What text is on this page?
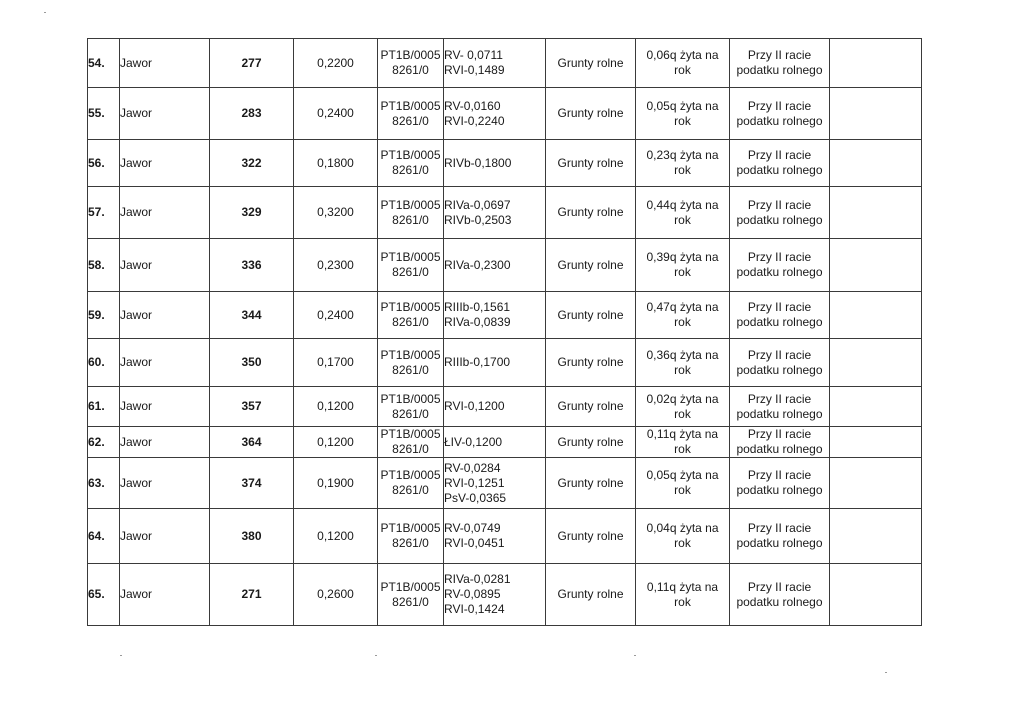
54.	Jawor	277	0,2200	PT1B/0005
8261/0	RV- 0,0711
RVI-0,1489	Grunty rolne	0,06q żyta na
rok	Przy II racie
podatku rolnego	

55.	Jawor	283	0,2400	PT1B/0005
8261/0	RV-0,0160
RVI-0,2240	Grunty rolne	0,05q żyta na
rok	Przy II racie
podatku rolnego	

56.	Jawor	322	0,1800	PT1B/0005
8261/0	RIVb-0,1800	Grunty rolne	0,23q żyta na
rok	Przy II racie
podatku rolnego	

57.	Jawor	329	0,3200	PT1B/0005
8261/0	RIVa-0,0697
RIVb-0,2503	Grunty rolne	0,44q żyta na
rok	Przy II racie
podatku rolnego	

58.	Jawor	336	0,2300	PT1B/0005
8261/0	RIVa-0,2300	Grunty rolne	0,39q żyta na
rok	Przy II racie
podatku rolnego	

59.	Jawor	344	0,2400	PT1B/0005
8261/0	RIIIb-0,1561
RIVa-0,0839	Grunty rolne	0,47q żyta na
rok	Przy II racie
podatku rolnego	

60.	Jawor	350	0,1700	PT1B/0005
8261/0	RIIIb-0,1700	Grunty rolne	0,36q żyta na
rok	Przy II racie
podatku rolnego	

61.	Jawor	357	0,1200	PT1B/0005
8261/0	RVI-0,1200	Grunty rolne	0,02q żyta na
rok	Przy II racie
podatku rolnego	

62.	Jawor	364	0,1200	PT1B/0005
8261/0	ŁIV-0,1200	Grunty rolne	0,11q żyta na
rok	Przy II racie
podatku rolnego	

63.	Jawor	374	0,1900	PT1B/0005
8261/0	RV-0,0284
RVI-0,1251
PsV-0,0365	Grunty rolne	0,05q żyta na
rok	Przy II racie
podatku rolnego	

64.	Jawor	380	0,1200	PT1B/0005
8261/0	RV-0,0749
RVI-0,0451	Grunty rolne	0,04q żyta na
rok	Przy II racie
podatku rolnego	

65.	Jawor	271	0,2600	PT1B/0005
8261/0	RIVa-0,0281
RV-0,0895
RVI-0,1424	Grunty rolne	0,11q żyta na
rok	Przy II racie
podatku rolnego	
